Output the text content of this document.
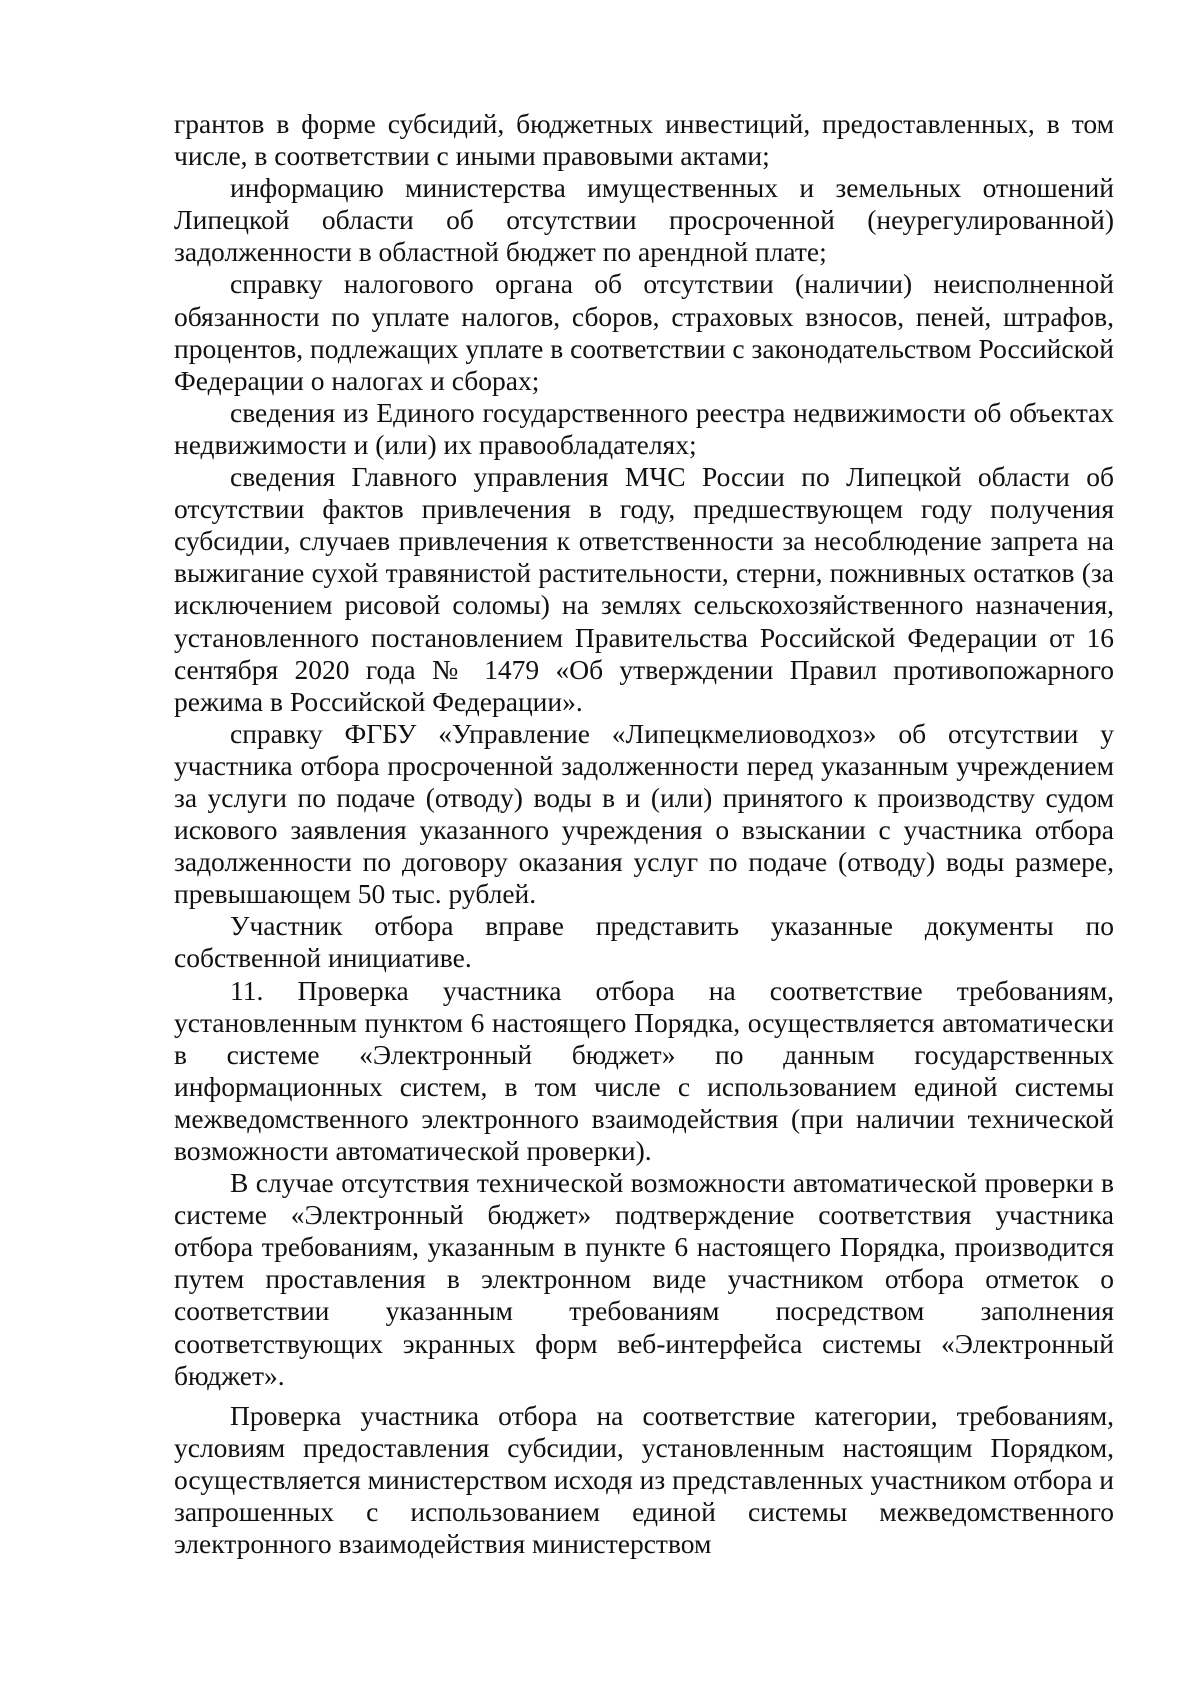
грантов в форме субсидий, бюджетных инвестиций, предоставленных, в том числе, в соответствии с иными правовыми актами;

информацию министерства имущественных и земельных отношений Липецкой области об отсутствии просроченной (неурегулированной) задолженности в областной бюджет по арендной плате;

справку налогового органа об отсутствии (наличии) неисполненной обязанности по уплате налогов, сборов, страховых взносов, пеней, штрафов, процентов, подлежащих уплате в соответствии с законодательством Российской Федерации о налогах и сборах;

сведения из Единого государственного реестра недвижимости об объектах недвижимости и (или) их правообладателях;

сведения Главного управления МЧС России по Липецкой области об отсутствии фактов привлечения в году, предшествующем году получения субсидии, случаев привлечения к ответственности за несоблюдение запрета на выжигание сухой травянистой растительности, стерни, пожнивных остатков (за исключением рисовой соломы) на землях сельскохозяйственного назначения, установленного постановлением Правительства Российской Федерации от 16 сентября 2020 года № 1479 «Об утверждении Правил противопожарного режима в Российской Федерации».

справку ФГБУ «Управление «Липецкмелиоводхоз» об отсутствии у участника отбора просроченной задолженности перед указанным учреждением за услуги по подаче (отводу) воды в и (или) принятого к производству судом искового заявления указанного учреждения о взыскании с участника отбора задолженности по договору оказания услуг по подаче (отводу) воды размере, превышающем 50 тыс. рублей.

Участник отбора вправе представить указанные документы по собственной инициативе.

11. Проверка участника отбора на соответствие требованиям, установленным пунктом 6 настоящего Порядка, осуществляется автоматически в системе «Электронный бюджет» по данным государственных информационных систем, в том числе с использованием единой системы межведомственного электронного взаимодействия (при наличии технической возможности автоматической проверки).

В случае отсутствия технической возможности автоматической проверки в системе «Электронный бюджет» подтверждение соответствия участника отбора требованиям, указанным в пункте 6 настоящего Порядка, производится путем проставления в электронном виде участником отбора отметок о соответствии указанным требованиям посредством заполнения соответствующих экранных форм веб-интерфейса системы «Электронный бюджет».

Проверка участника отбора на соответствие категории, требованиям, условиям предоставления субсидии, установленным настоящим Порядком, осуществляется министерством исходя из представленных участником отбора и запрошенных с использованием единой системы межведомственного электронного взаимодействия министерством
